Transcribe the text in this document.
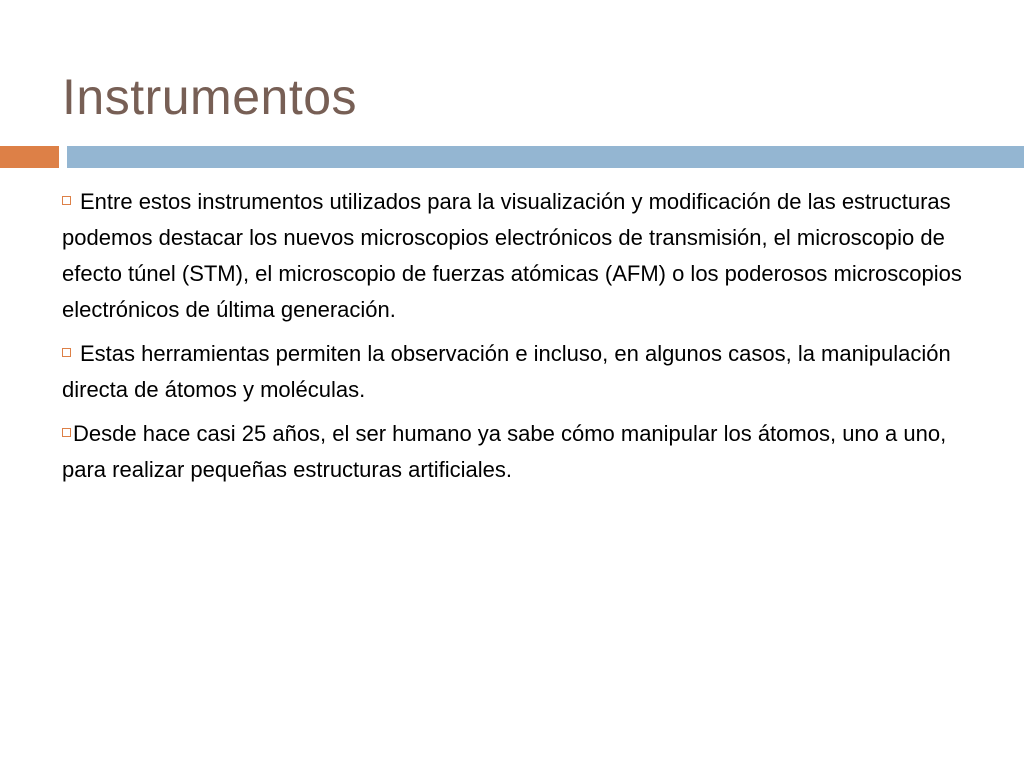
Instrumentos

Entre estos instrumentos utilizados para la visualización y modificación de las estructuras podemos destacar los nuevos microscopios electrónicos de transmisión, el microscopio de efecto túnel (STM), el microscopio de fuerzas atómicas (AFM) o los poderosos microscopios electrónicos de última generación.

Estas herramientas permiten la observación e incluso, en algunos casos, la manipulación directa de átomos y moléculas.

Desde hace casi 25 años, el ser humano ya sabe cómo manipular los átomos, uno a uno, para realizar pequeñas estructuras artificiales.
